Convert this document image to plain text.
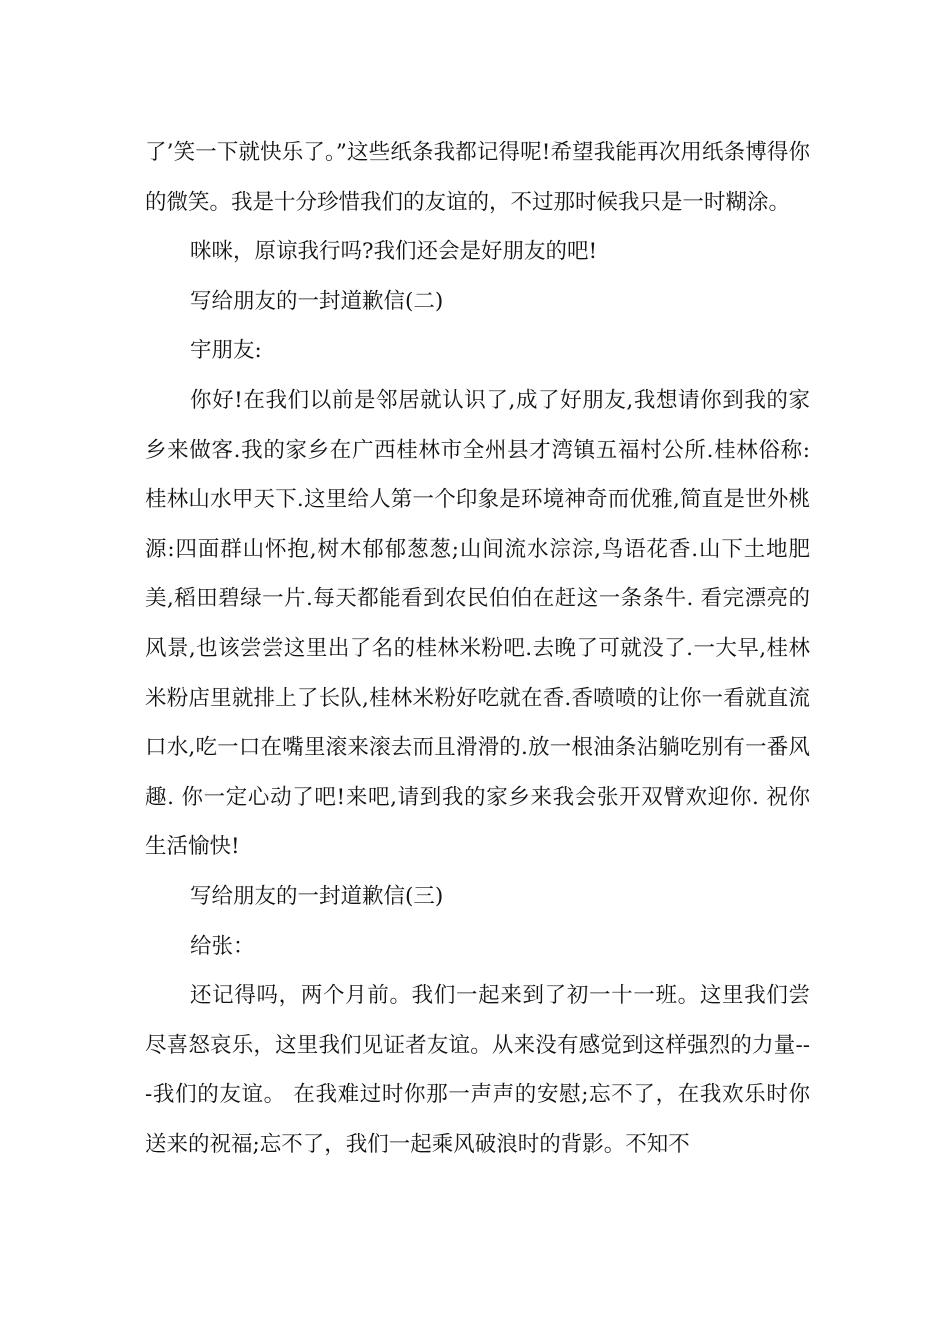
了’笑一下就快乐了。”这些纸条我都记得呢!希望我能再次用纸条博得你的微笑。我是十分珍惜我们的友谊的，不过那时候我只是一时糊涂。

咪咪，原谅我行吗?我们还会是好朋友的吧!

写给朋友的一封道歉信(二)

宇朋友:

你好!在我们以前是邻居就认识了,成了好朋友,我想请你到我的家乡来做客.我的家乡在广西桂林市全州县才湾镇五福村公所.桂林俗称:桂林山水甲天下.这里给人第一个印象是环境神奇而优雅,简直是世外桃源:四面群山怀抱,树木郁郁葱葱;山间流水淙淙,鸟语花香.山下土地肥美,稻田碧绿一片.每天都能看到农民伯伯在赶这一条条牛. 看完漂亮的风景,也该尝尝这里出了名的桂林米粉吧.去晚了可就没了.一大早,桂林米粉店里就排上了长队,桂林米粉好吃就在香.香喷喷的让你一看就直流口水,吃一口在嘴里滚来滚去而且滑滑的.放一根油条沾躺吃别有一番风趣. 你一定心动了吧!来吧,请到我的家乡来我会张开双臂欢迎你. 祝你生活愉快!

写给朋友的一封道歉信(三)

给张：

还记得吗，两个月前。我们一起来到了初一十一班。这里我们尝尽喜怒哀乐，这里我们见证者友谊。从来没有感觉到这样强烈的力量---我们的友谊。 在我难过时你那一声声的安慰;忘不了，在我欢乐时你送来的祝福;忘不了，我们一起乘风破浪时的背影。不知不
